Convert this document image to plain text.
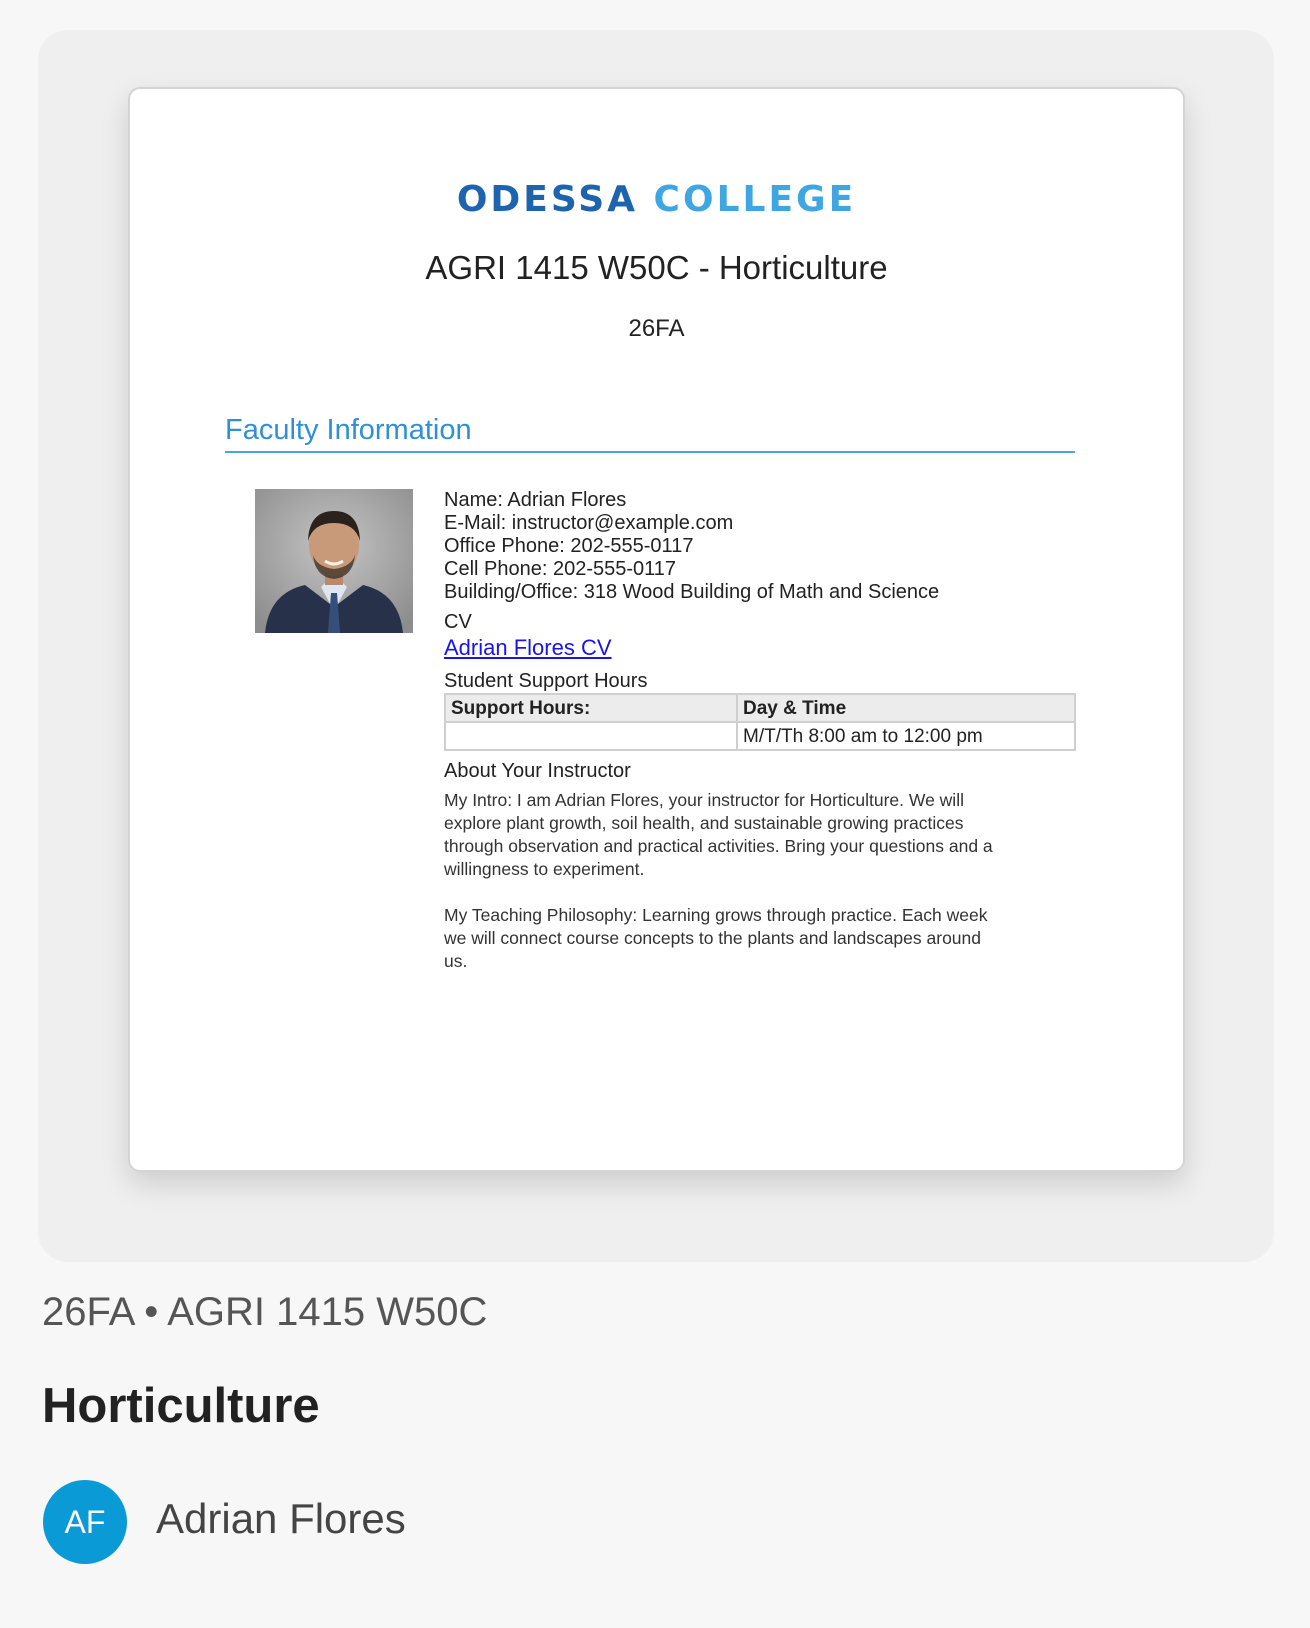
ODESSA COLLEGE
AGRI 1415 W50C - Horticulture
26FA
Faculty Information
Name: Adrian Flores
E-Mail: instructor@example.com
Office Phone: 202-555-0117
Cell Phone: 202-555-0117
Building/Office: 318 Wood Building of Math and Science
CV
Adrian Flores CV
Student Support Hours
Support Hours:	Day & Time
	M/T/Th 8:00 am to 12:00 pm
About Your Instructor
My Intro: I am Adrian Flores, your instructor for Horticulture. We will explore plant growth, soil health, and sustainable growing practices through observation and practical activities. Bring your questions and a willingness to experiment.
My Teaching Philosophy: Learning grows through practice. Each week we will connect course concepts to the plants and landscapes around us.
26FA • AGRI 1415 W50C
Horticulture
AF	Adrian Flores
